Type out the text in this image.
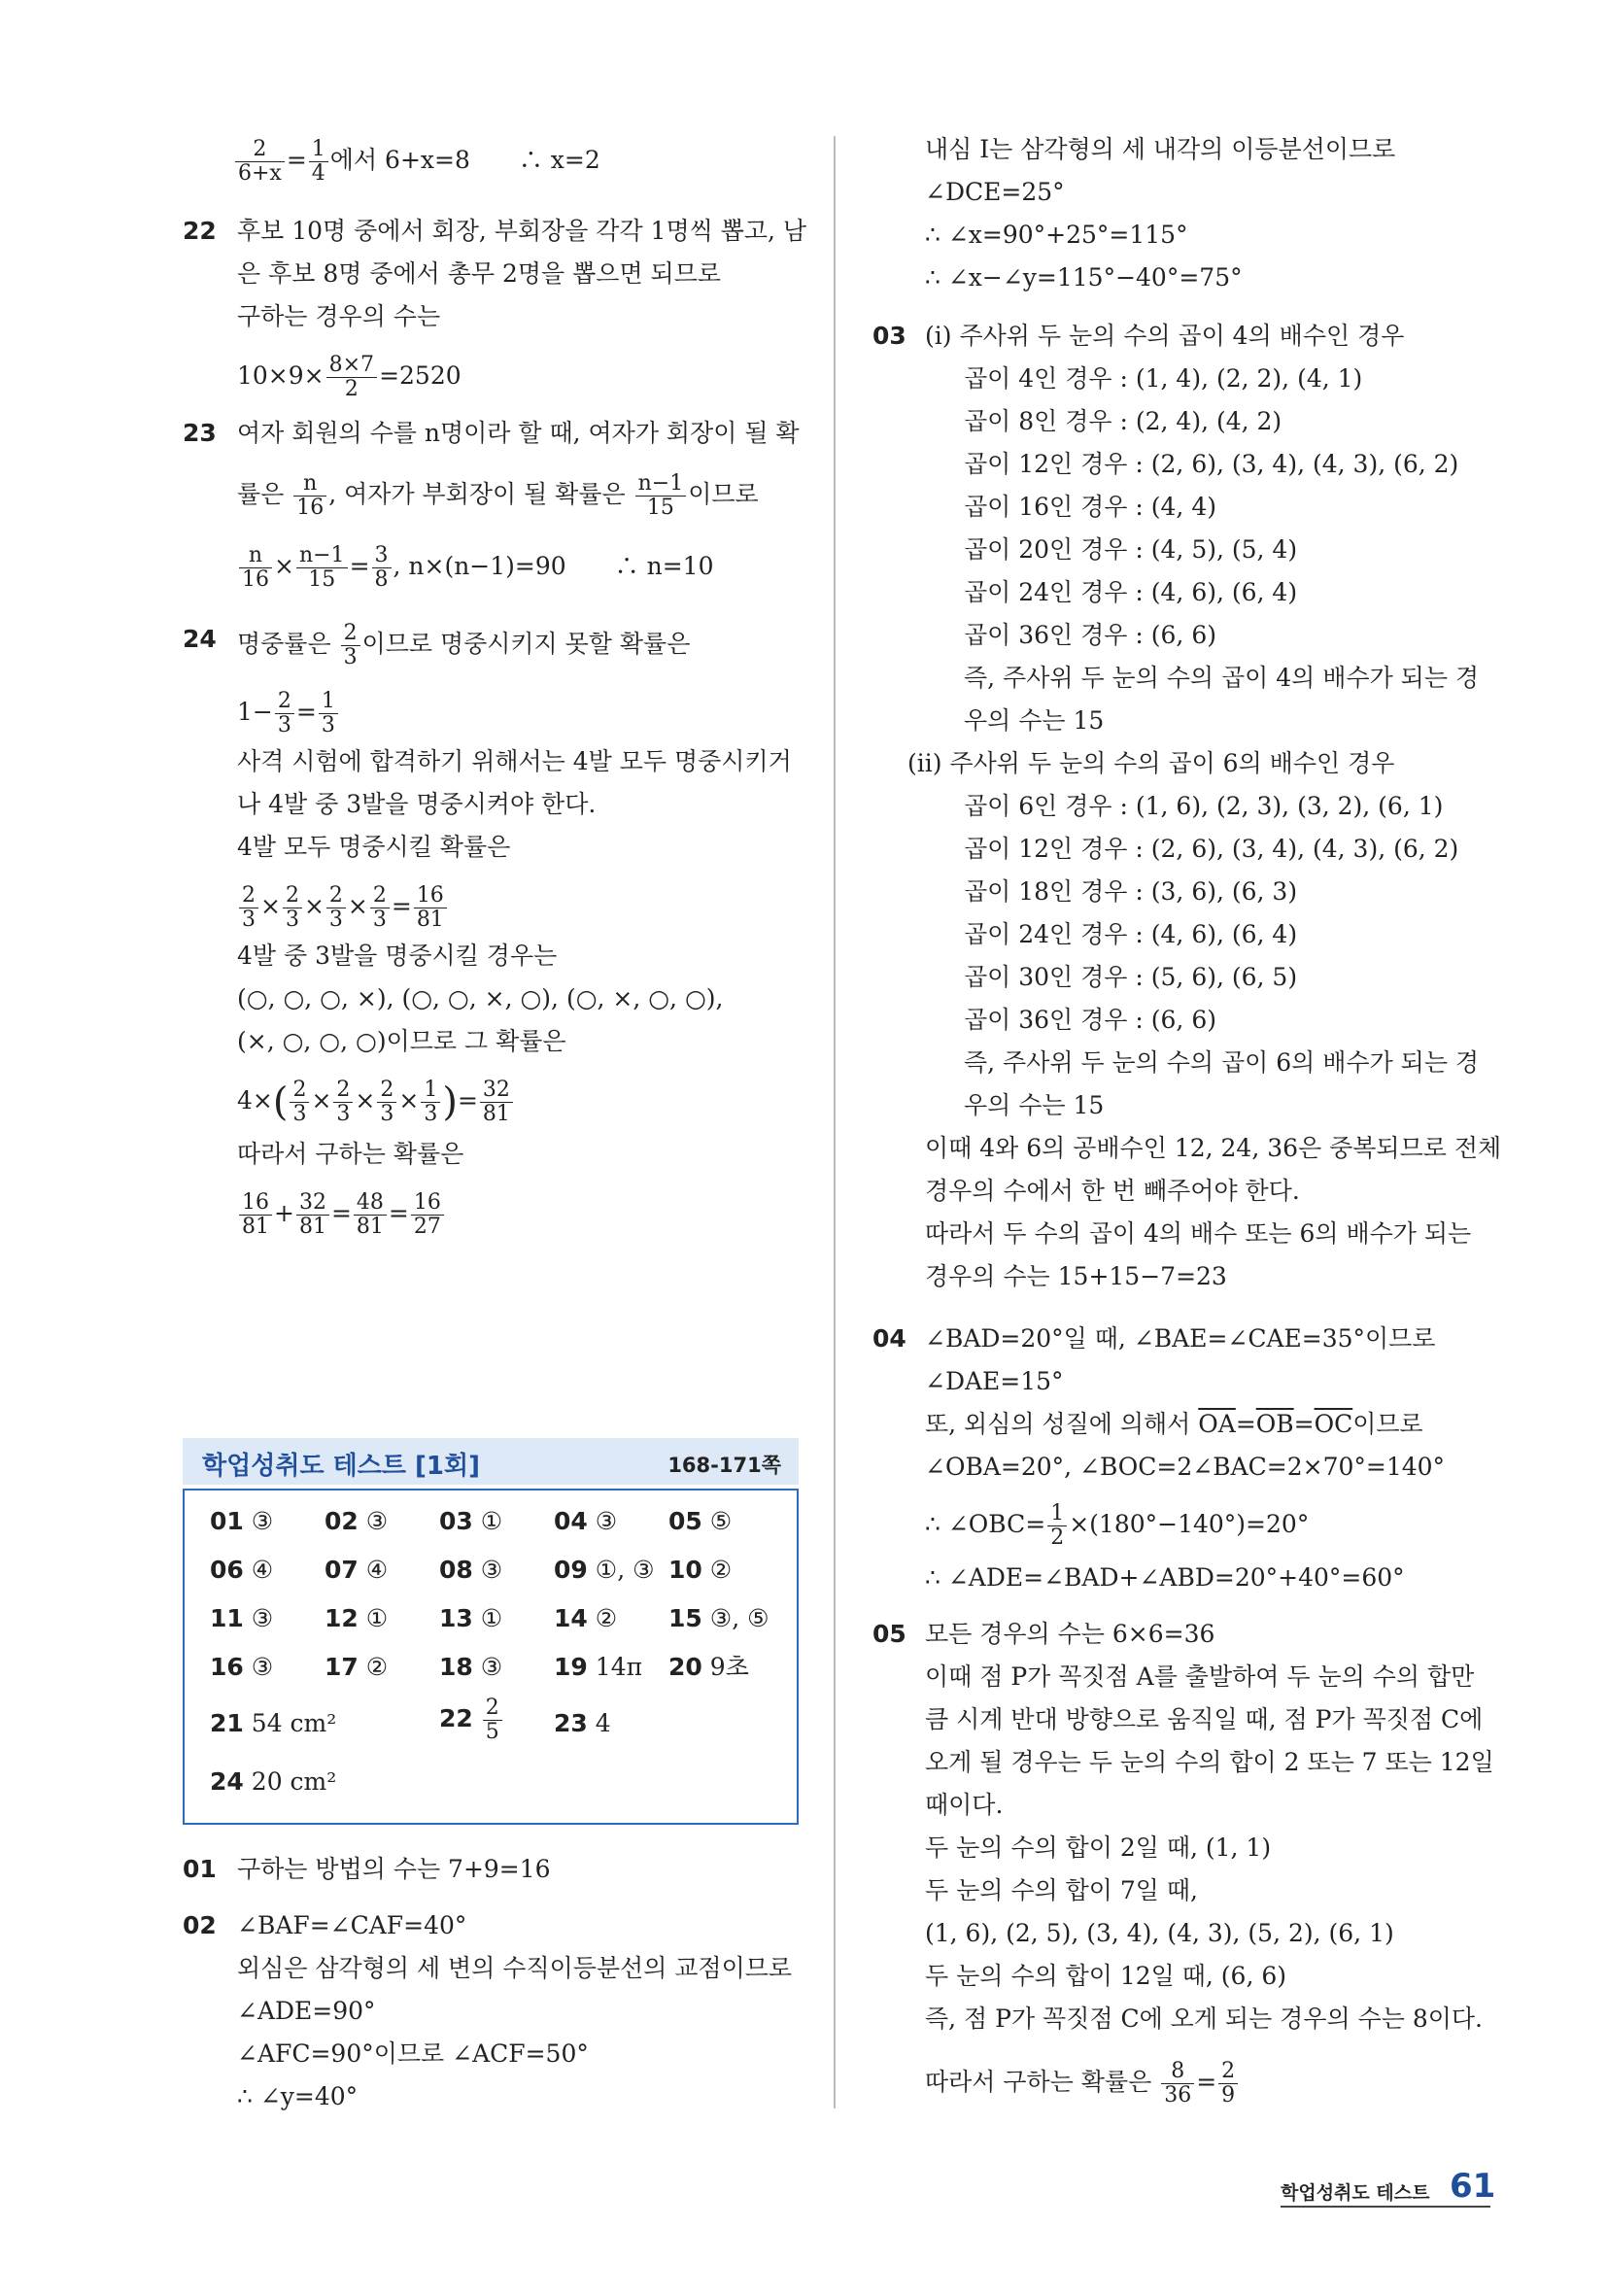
$\frac{2}{6+x} = \frac{1}{4}$ 에서 6+x=8　　∴ x=2
22 후보 10명 중에서 회장, 부회장을 각각 1명씩 뽑고, 남
은 후보 8명 중에서 총무 2명을 뽑으면 되므로
구하는 경우의 수는
$10\times 9\times \frac{8\times 7}{2} =2520$
23 여자 회원의 수를 n명이라 할 때, 여자가 회장이 될 확
률은 $\frac{n}{16}$ , 여자가 부회장이 될 확률은 $\frac{n-1}{15}$ 이므로
$\frac{n}{16} \times \frac{n-1}{15} = \frac{3}{8}$ , n×(n−1)=90　　∴ n=10
24 명중률은 $\frac{2}{3}$ 이므로 명중시키지 못할 확률은
$1- \frac{2}{3} = \frac{1}{3}$
사격 시험에 합격하기 위해서는 4발 모두 명중시키거
나 4발 중 3발을 명중시켜야 한다.
4발 모두 명중시킬 확률은
$\frac{2}{3} \times \frac{2}{3} \times \frac{2}{3} \times \frac{2}{3} = \frac{16}{81}$
4발 중 3발을 명중시킬 경우는
(○, ○, ○, ×), (○, ○, ×, ○), (○, ×, ○, ○),
(×, ○, ○, ○)이므로 그 확률은
$4\times( \frac{2}{3} \times \frac{2}{3} \times \frac{2}{3} \times \frac{1}{3}$ )= $\frac{32}{81}$
따라서 구하는 확률은
$\frac{16}{81} + \frac{32}{81} = \frac{48}{81} = \frac{16}{27}$
학업성취도 테스트 [1회]	168-171쪽
01 ③ 02 ③ 03 ① 04 ③ 05 ⑤
06 ④ 07 ④ 08 ③ 09 ①, ③ 10 ②
11 ③ 12 ① 13 ① 14 ② 15 ③, ⑤
16 ③ 17 ② 18 ③ 19 14π 20 9초
21 54 cm²	$22 \frac{2}{5} 23$ 4
24 20 cm²
01 구하는 방법의 수는 7+9=16
02 ∠BAF=∠CAF=40°
외심은 삼각형의 세 변의 수직이등분선의 교점이므로
∠ADE=90°
∠AFC=90°이므로 ∠ACF=50°
∴ ∠y=40°
내심 I는 삼각형의 세 내각의 이등분선이므로
∠DCE=25°
∴ ∠x=90°+25°=115°
∴ ∠x−∠y=115°−40°=75°
03 (ⅰ) 주사위 두 눈의 수의 곱이 4의 배수인 경우
곱이 4인 경우 : (1, 4), (2, 2), (4, 1)
곱이 8인 경우 : (2, 4), (4, 2)
곱이 12인 경우 : (2, 6), (3, 4), (4, 3), (6, 2)
곱이 16인 경우 : (4, 4)
곱이 20인 경우 : (4, 5), (5, 4)
곱이 24인 경우 : (4, 6), (6, 4)
곱이 36인 경우 : (6, 6)
즉, 주사위 두 눈의 수의 곱이 4의 배수가 되는 경
우의 수는 15
(ⅱ) 주사위 두 눈의 수의 곱이 6의 배수인 경우
곱이 6인 경우 : (1, 6), (2, 3), (3, 2), (6, 1)
곱이 12인 경우 : (2, 6), (3, 4), (4, 3), (6, 2)
곱이 18인 경우 : (3, 6), (6, 3)
곱이 24인 경우 : (4, 6), (6, 4)
곱이 30인 경우 : (5, 6), (6, 5)
곱이 36인 경우 : (6, 6)
즉, 주사위 두 눈의 수의 곱이 6의 배수가 되는 경
우의 수는 15
이때 4와 6의 공배수인 12, 24, 36은 중복되므로 전체
경우의 수에서 한 번 빼주어야 한다.
따라서 두 수의 곱이 4의 배수 또는 6의 배수가 되는
경우의 수는 15+15−7=23
04 ∠BAD=20°일 때, ∠BAE=∠CAE=35°이므로
∠DAE=15°
또, 외심의 성질에 의해서 $\overline{OA}=\overline{OB}=\overline{OC}$이므로
∠OBA=20°, ∠BOC=2∠BAC=2×70°=140°
∴ ∠OBC= $\frac{1}{2} \times(180^\circ-140^\circ)=20^\circ$
∴ ∠ADE=∠BAD+∠ABD=20°+40°=60°
05 모든 경우의 수는 6×6=36
이때 점 P가 꼭짓점 A를 출발하여 두 눈의 수의 합만
큼 시계 반대 방향으로 움직일 때, 점 P가 꼭짓점 C에
오게 될 경우는 두 눈의 수의 합이 2 또는 7 또는 12일
때이다.
두 눈의 수의 합이 2일 때, (1, 1)
두 눈의 수의 합이 7일 때,
(1, 6), (2, 5), (3, 4), (4, 3), (5, 2), (6, 1)
두 눈의 수의 합이 12일 때, (6, 6)
즉, 점 P가 꼭짓점 C에 오게 되는 경우의 수는 8이다.
따라서 구하는 확률은 $\frac{8}{36} = \frac{2}{9}$
학업성취도 테스트 61
